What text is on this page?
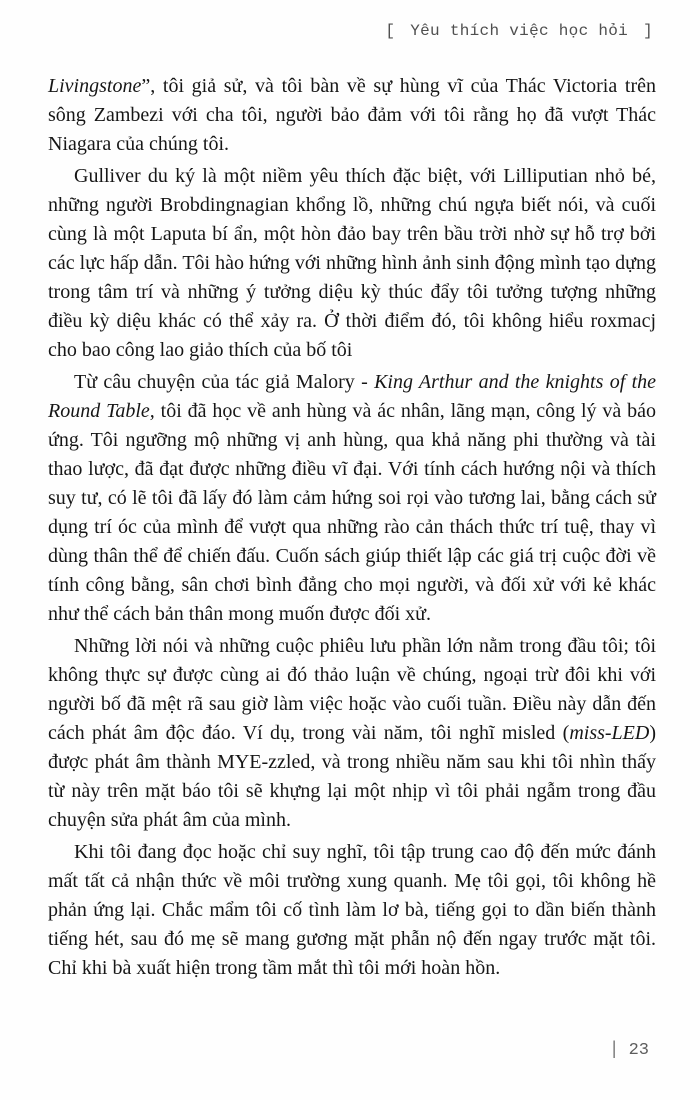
[ Yêu thích việc học hỏi ]

Livingstone”, tôi giả sử, và tôi bàn về sự hùng vĩ của Thác Victoria trên sông Zambezi với cha tôi, người bảo đảm với tôi rằng họ đã vượt Thác Niagara của chúng tôi.

Gulliver du ký là một niềm yêu thích đặc biệt, với Lilliputian nhỏ bé, những người Brobdingnagian khổng lồ, những chú ngựa biết nói, và cuối cùng là một Laputa bí ẩn, một hòn đảo bay trên bầu trời nhờ sự hỗ trợ bởi các lực hấp dẫn. Tôi hào hứng với những hình ảnh sinh động mình tạo dựng trong tâm trí và những ý tưởng diệu kỳ thúc đẩy tôi tưởng tượng những điều kỳ diệu khác có thể xảy ra. Ở thời điểm đó, tôi không hiểu roxmacj cho bao công lao giảo thích của bố tôi

Từ câu chuyện của tác giả Malory - King Arthur and the knights of the Round Table, tôi đã học về anh hùng và ác nhân, lãng mạn, công lý và báo ứng. Tôi ngưỡng mộ những vị anh hùng, qua khả năng phi thường và tài thao lược, đã đạt được những điều vĩ đại. Với tính cách hướng nội và thích suy tư, có lẽ tôi đã lấy đó làm cảm hứng soi rọi vào tương lai, bằng cách sử dụng trí óc của mình để vượt qua những rào cản thách thức trí tuệ, thay vì dùng thân thể để chiến đấu. Cuốn sách giúp thiết lập các giá trị cuộc đời về tính công bằng, sân chơi bình đẳng cho mọi người, và đối xử với kẻ khác như thể cách bản thân mong muốn được đối xử.

Những lời nói và những cuộc phiêu lưu phần lớn nằm trong đầu tôi; tôi không thực sự được cùng ai đó thảo luận về chúng, ngoại trừ đôi khi với người bố đã mệt rã sau giờ làm việc hoặc vào cuối tuần. Điều này dẫn đến cách phát âm độc đáo. Ví dụ, trong vài năm, tôi nghĩ misled (miss-LED) được phát âm thành MYE-zzled, và trong nhiều năm sau khi tôi nhìn thấy từ này trên mặt báo tôi sẽ khựng lại một nhịp vì tôi phải ngẫm trong đầu chuyện sửa phát âm của mình.

Khi tôi đang đọc hoặc chỉ suy nghĩ, tôi tập trung cao độ đến mức đánh mất tất cả nhận thức về môi trường xung quanh. Mẹ tôi gọi, tôi không hề phản ứng lại. Chắc mẩm tôi cố tình làm lơ bà, tiếng gọi to dần biến thành tiếng hét, sau đó mẹ sẽ mang gương mặt phẫn nộ đến ngay trước mặt tôi. Chỉ khi bà xuất hiện trong tầm mắt thì tôi mới hoàn hồn.

| 23
